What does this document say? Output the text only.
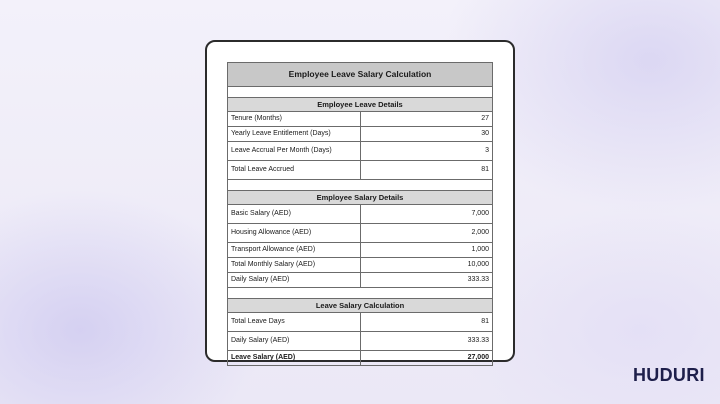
Employee Leave Salary Calculation	

Employee Leave Details	
Tenure (Months)	27
Yearly Leave Entitlement (Days)	30
Leave Accrual Per Month (Days)	3
Total Leave Accrued	81

Employee Salary Details	
Basic Salary (AED)	7,000
Housing Allowance (AED)	2,000
Transport Allowance (AED)	1,000
Total Monthly Salary (AED)	10,000
Daily Salary (AED)	333.33

Leave Salary Calculation	
Total Leave Days	81
Daily Salary (AED)	333.33
Leave Salary (AED)	27,000
HUDURI
